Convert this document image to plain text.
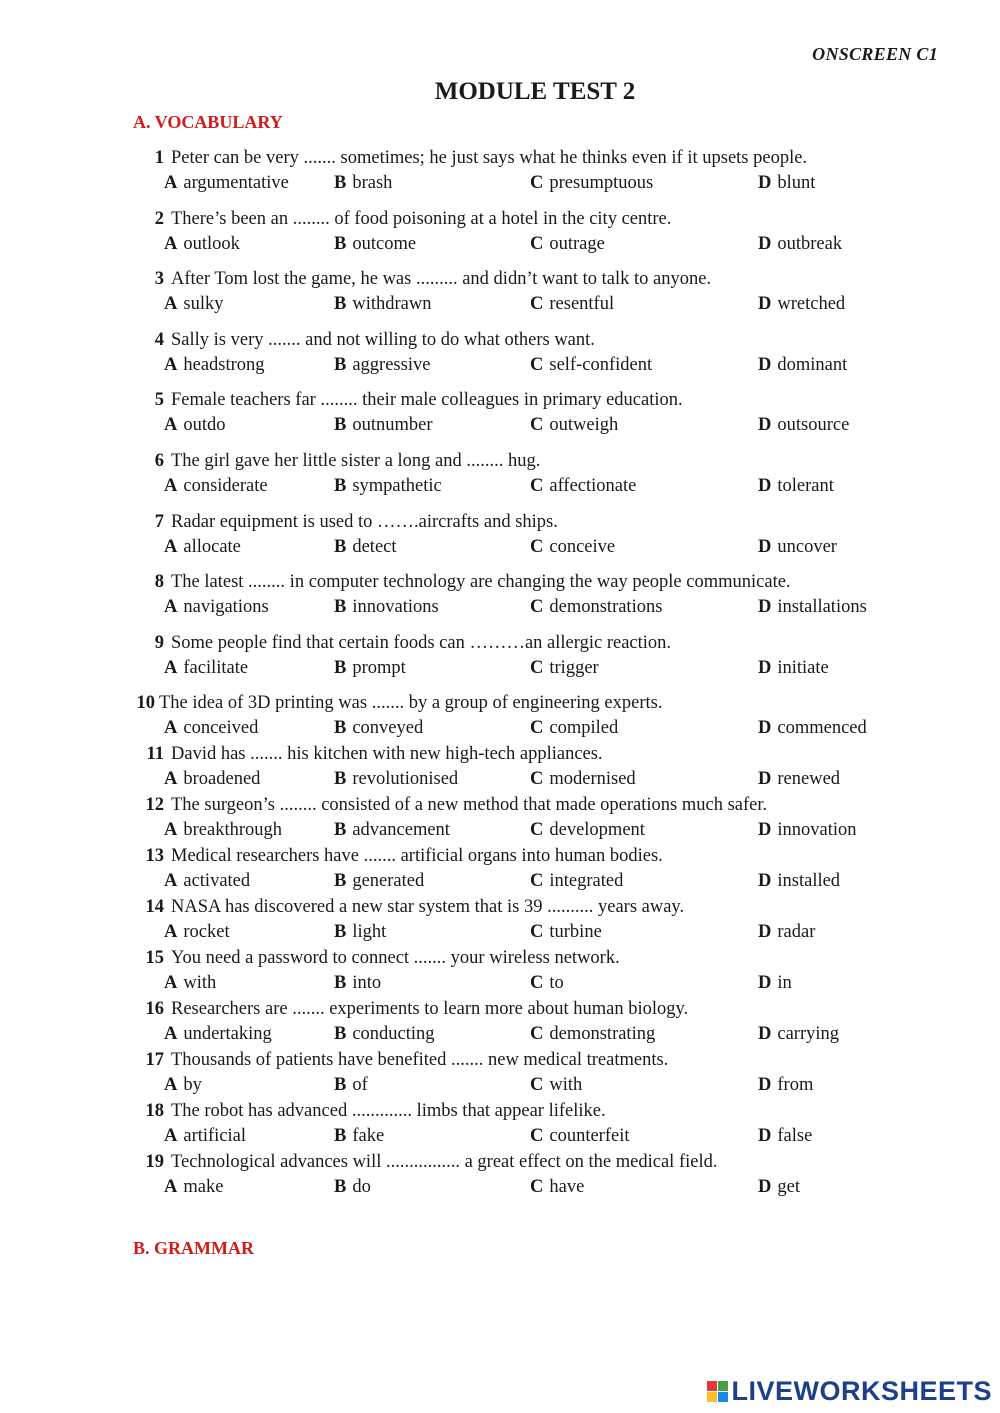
ONSCREEN C1
MODULE TEST 2
A. VOCABULARY
1 Peter can be very ....... sometimes; he just says what he thinks even if it upsets people.
A argumentative B brash	C presumptuous	D blunt
2 There’s been an ........ of food poisoning at a hotel in the city centre.
A outlook	B outcome	C outrage	D outbreak
3 After Tom lost the game, he was ......... and didn’t want to talk to anyone.
A sulky	B withdrawn	C resentful	D wretched
4 Sally is very ....... and not willing to do what others want.
A headstrong	B aggressive	C self-confident	D dominant
5 Female teachers far ........ their male colleagues in primary education.
A outdo	B outnumber	C outweigh	D outsource
6 The girl gave her little sister a long and ........ hug.
A considerate	B sympathetic	C affectionate	D tolerant
7 Radar equipment is used to …….aircrafts and ships.
A allocate	B detect	C conceive	D uncover
8 The latest ........ in computer technology are changing the way people communicate.
A navigations	B innovations	C demonstrations	D installations
9 Some people find that certain foods can ………an allergic reaction.
A facilitate	B prompt	C trigger	D initiate
10 The idea of 3D printing was ....... by a group of engineering experts.
A conceived	B conveyed	C compiled	D commenced
11 David has ....... his kitchen with new high-tech appliances.
A broadened	B revolutionised	C modernised	D renewed
12 The surgeon’s ........ consisted of a new method that made operations much safer.
A breakthrough	B advancement	C development	D innovation
13 Medical researchers have ....... artificial organs into human bodies.
A activated	B generated	C integrated	D installed
14 NASA has discovered a new star system that is 39 .......... years away.
A rocket	B light	C turbine	D radar
15 You need a password to connect ....... your wireless network.
A with	B into	C to	D in
16 Researchers are ....... experiments to learn more about human biology.
A undertaking	B conducting	C demonstrating	D carrying
17 Thousands of patients have benefited ....... new medical treatments.
A by	B of	C with	D from
18 The robot has advanced ............. limbs that appear lifelike.
A artificial	B fake	C counterfeit	D false
19 Technological advances will ................ a great effect on the medical field.
A make	B do	C have	D get
B. GRAMMAR
LIVEWORKSHEETS
